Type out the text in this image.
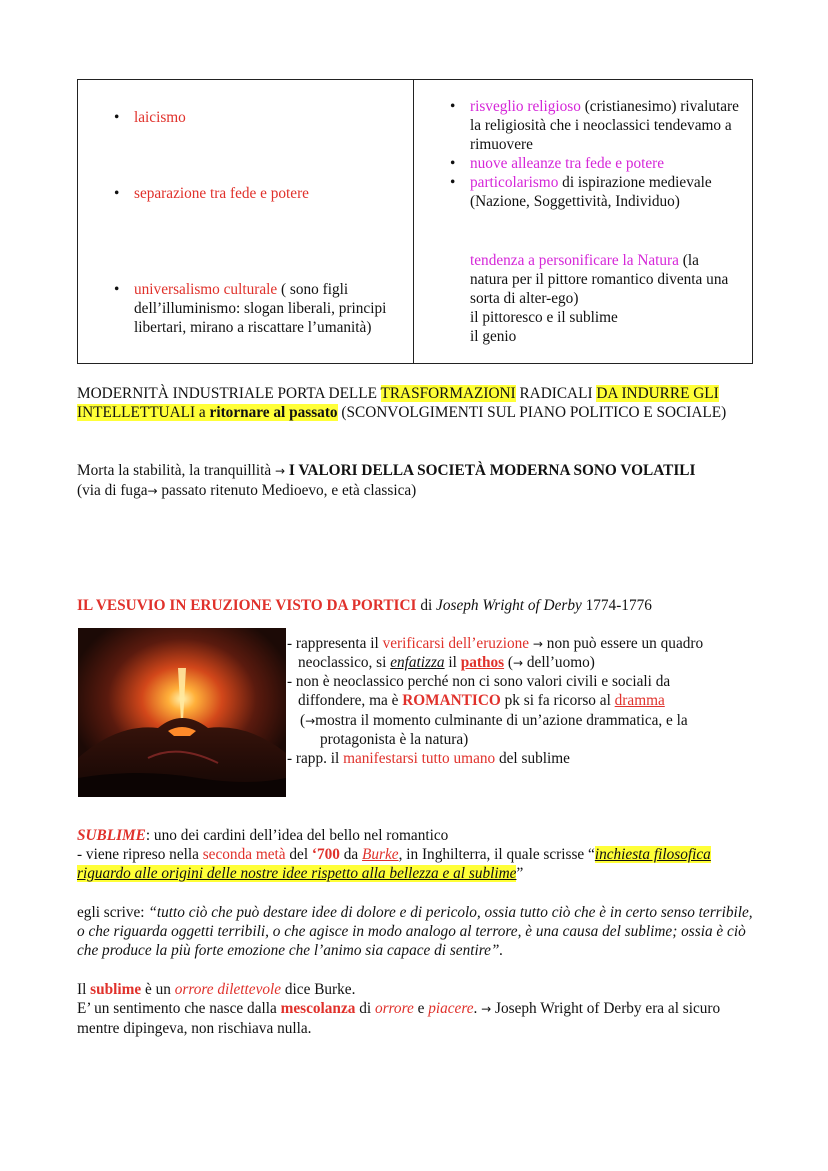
• laicismo
• separazione tra fede e potere
• universalismo culturale ( sono figli dell’illuminismo: slogan liberali, principi libertari, mirano a riscattare l’umanità)

• risveglio religioso (cristianesimo) rivalutare la religiosità che i neoclassici tendevamo a rimuovere
• nuove alleanze tra fede e potere
• particolarismo di ispirazione medievale (Nazione, Soggettività, Individuo)
tendenza a personificare la Natura (la natura per il pittore romantico diventa una sorta di alter-ego)
il pittoresco e il sublime
il genio

MODERNITÀ INDUSTRIALE PORTA DELLE TRASFORMAZIONI RADICALI DA INDURRE GLI INTELLETTUALI a ritornare al passato (SCONVOLGIMENTI SUL PIANO POLITICO E SOCIALE)

Morta la stabilità, la tranquillità → I VALORI DELLA SOCIETÀ MODERNA SONO VOLATILI (via di fuga→ passato ritenuto Medioevo, e età classica)

IL VESUVIO IN ERUZIONE VISTO DA PORTICI di Joseph Wright of Derby 1774-1776

- rappresenta il verificarsi dell’eruzione → non può essere un quadro

neoclassico, si enfatizza il pathos (→ dell’uomo)

- non è neoclassico perché non ci sono valori civili e sociali da

diffondere, ma è ROMANTICO pk si fa ricorso al dramma

(→mostra il momento culminante di un’azione drammatica, e la

protagonista è la natura)

- rapp. il manifestarsi tutto umano del sublime

SUBLIME: uno dei cardini dell’idea del bello nel romantico
- viene ripreso nella seconda metà del ‘700 da Burke, in Inghilterra, il quale scrisse “inchiesta filosofica riguardo alle origini delle nostre idee rispetto alla bellezza e al sublime”

egli scrive: “tutto ciò che può destare idee di dolore e di pericolo, ossia tutto ciò che è in certo senso terribile, o che riguarda oggetti terribili, o che agisce in modo analogo al terrore, è una causa del sublime; ossia è ciò che produce la più forte emozione che l’animo sia capace di sentire”.

Il sublime è un orrore dilettevole dice Burke.
E’ un sentimento che nasce dalla mescolanza di orrore e piacere. → Joseph Wright of Derby era al sicuro mentre dipingeva, non rischiava nulla.
